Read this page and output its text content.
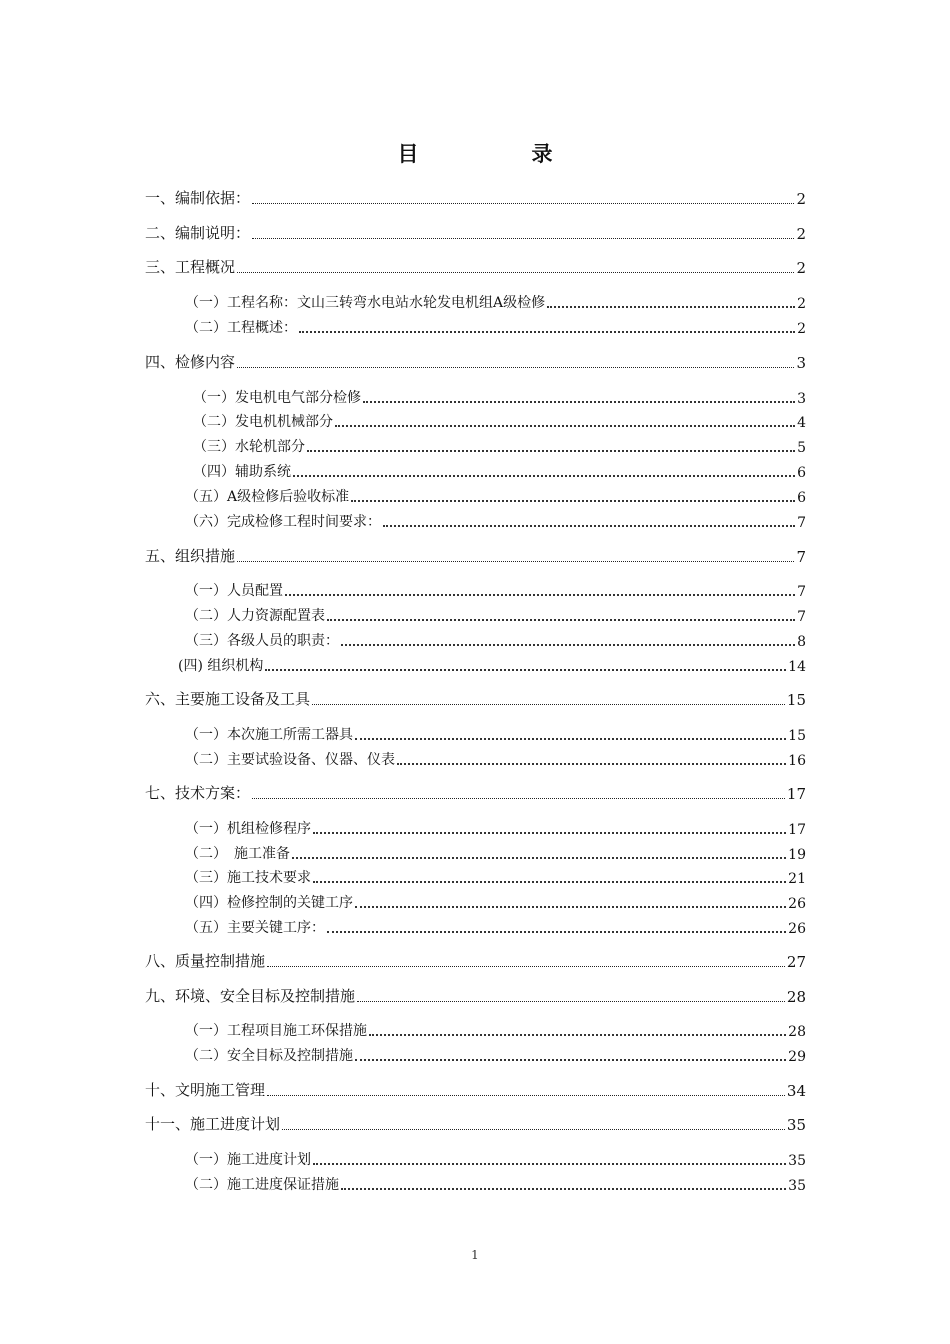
目　录
一、编制依据：	2
二、编制说明：	2
三、工程概况	2
（一）工程名称：文山三转弯水电站水轮发电机组A级检修	2
（二）工程概述：	2
四、检修内容	3
（一）发电机电气部分检修	3
（二）发电机机械部分	4
（三）水轮机部分	5
（四）辅助系统	6
（五）A级检修后验收标准	6
（六）完成检修工程时间要求：	7
五、组织措施	7
（一）人员配置	7
（二）人力资源配置表	7
（三）各级人员的职责：	8
(四) 组织机构	14
六、主要施工设备及工具	15
（一）本次施工所需工器具	15
（二）主要试验设备、仪器、仪表	16
七、技术方案：	17
（一）机组检修程序	17
（二）　施工准备	19
（三）施工技术要求	21
（四）检修控制的关键工序	26
（五）主要关键工序：	26
八、质量控制措施	27
九、环境、安全目标及控制措施	28
（一）工程项目施工环保措施	28
（二）安全目标及控制措施	29
十、文明施工管理	34
十一、施工进度计划	35
（一）施工进度计划	35
（二）施工进度保证措施	35
1
